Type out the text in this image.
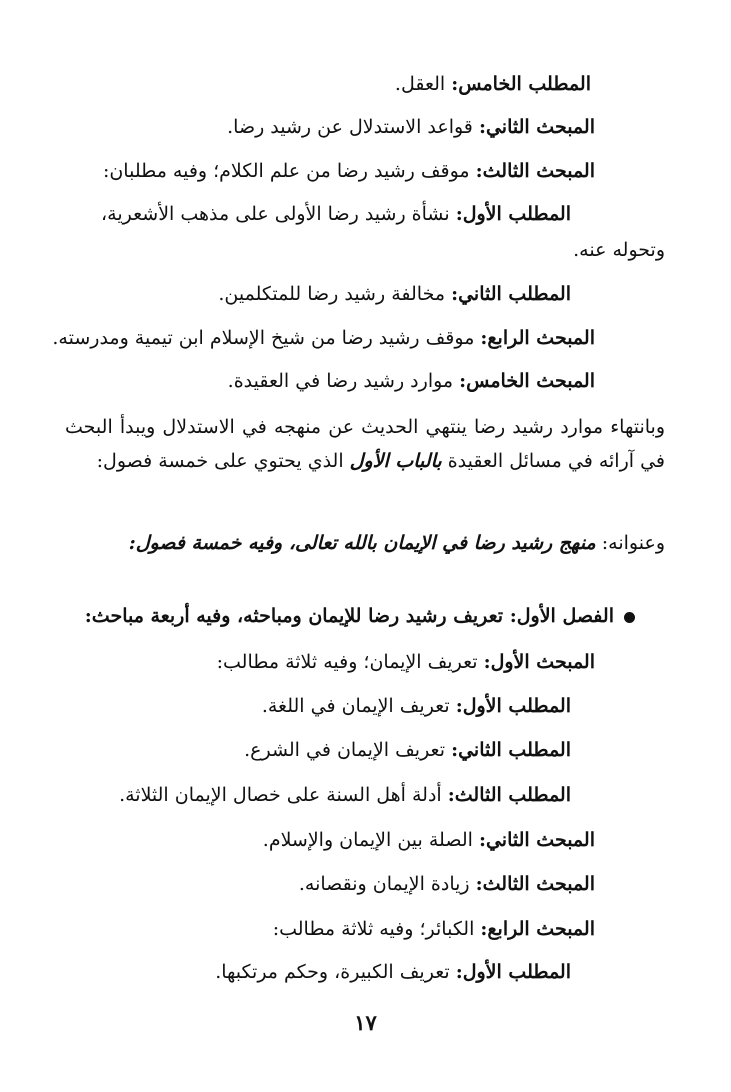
المطلب الخامس: العقل.
المبحث الثاني: قواعد الاستدلال عن رشيد رضا.
المبحث الثالث: موقف رشيد رضا من علم الكلام؛ وفيه مطلبان:
المطلب الأول: نشأة رشيد رضا الأولى على مذهب الأشعرية،
وتحوله عنه.
المطلب الثاني: مخالفة رشيد رضا للمتكلمين.
المبحث الرابع: موقف رشيد رضا من شيخ الإسلام ابن تيمية ومدرسته.
المبحث الخامس: موارد رشيد رضا في العقيدة.
وبانتهاء موارد رشيد رضا ينتهي الحديث عن منهجه في الاستدلال ويبدأ البحث في آرائه في مسائل العقيدة بالباب الأول الذي يحتوي على خمسة فصول:
وعنوانه: منهج رشيد رضا في الإيمان بالله تعالى، وفيه خمسة فصول:
الفصل الأول: تعريف رشيد رضا للإيمان ومباحثه، وفيه أربعة مباحث:
المبحث الأول: تعريف الإيمان؛ وفيه ثلاثة مطالب:
المطلب الأول: تعريف الإيمان في اللغة.
المطلب الثاني: تعريف الإيمان في الشرع.
المطلب الثالث: أدلة أهل السنة على خصال الإيمان الثلاثة.
المبحث الثاني: الصلة بين الإيمان والإسلام.
المبحث الثالث: زيادة الإيمان ونقصانه.
المبحث الرابع: الكبائر؛ وفيه ثلاثة مطالب:
المطلب الأول: تعريف الكبيرة، وحكم مرتكبها.
١٧
